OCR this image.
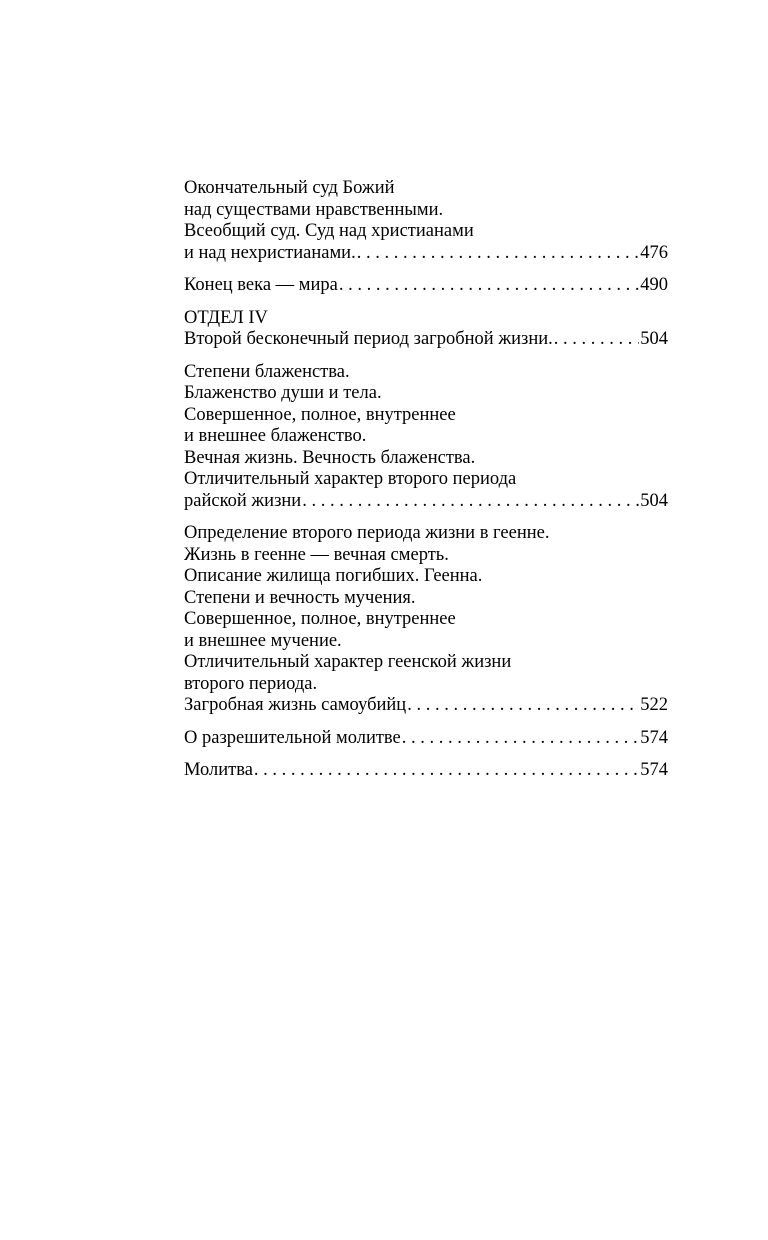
Окончательный суд Божий
над существами нравственными.
Всеобщий суд. Суд над христианами
и над нехристианами. . . .	476
Конец века — мира . . .	490
ОТДЕЛ IV
Второй бесконечный период загробной жизни. . . .	504
Степени блаженства.
Блаженство души и тела.
Совершенное, полное, внутреннее
и внешнее блаженство.
Вечная жизнь. Вечность блаженства.
Отличительный характер второго периода
райской жизни . . .	504
Определение второго периода жизни в геенне.
Жизнь в геенне — вечная смерть.
Описание жилища погибших. Геенна.
Степени и вечность мучения.
Совершенное, полное, внутреннее
и внешнее мучение.
Отличительный характер геенской жизни
второго периода.
Загробная жизнь самоубийц . . .	522
О разрешительной молитве . . .	574
Молитва . . .	574
